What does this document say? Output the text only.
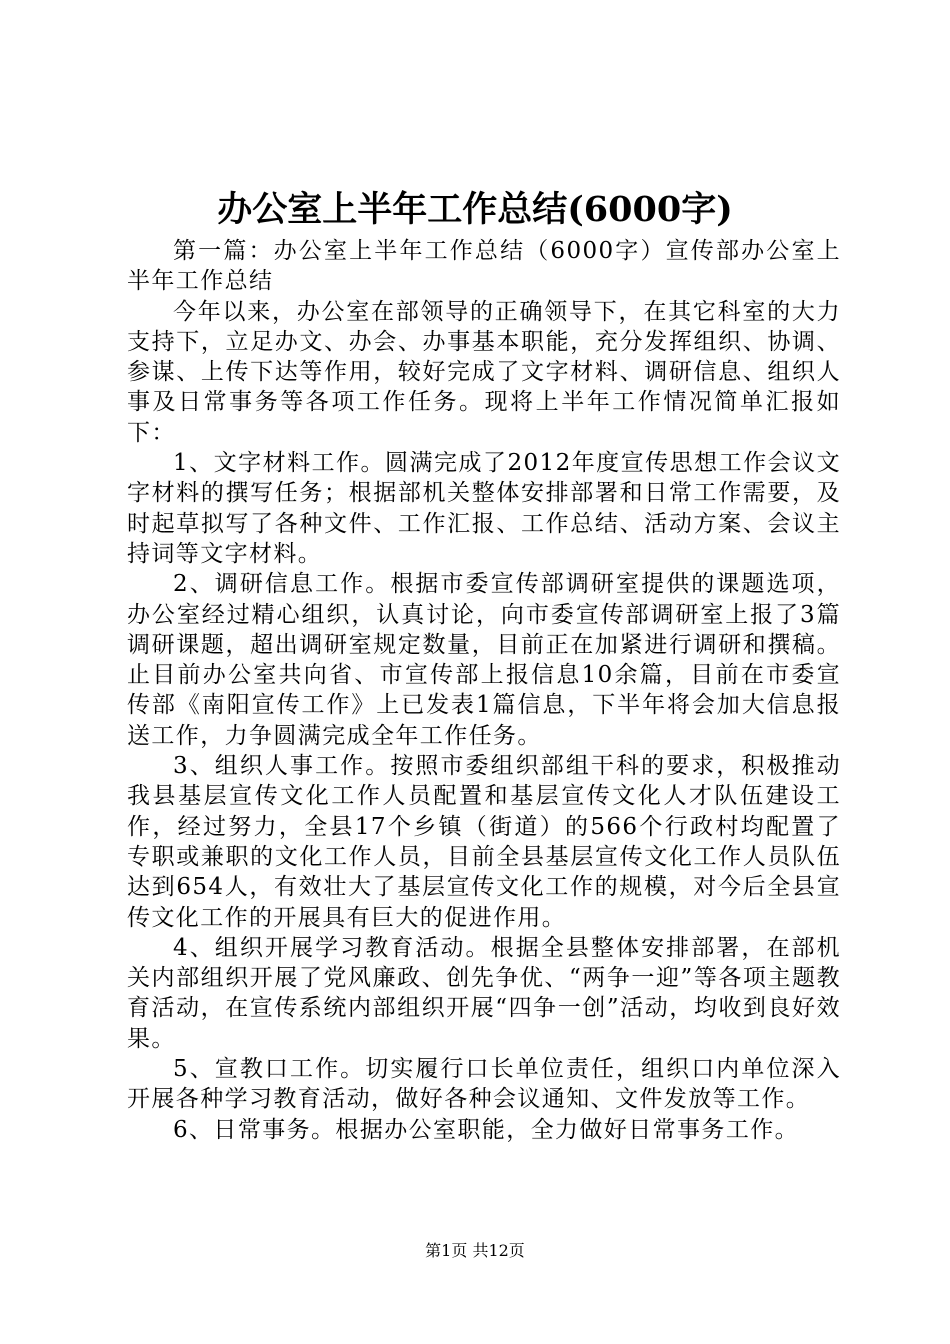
办公室上半年工作总结(6000字)

第一篇：办公室上半年工作总结（6000字）宣传部办公室上半年工作总结

今年以来，办公室在部领导的正确领导下，在其它科室的大力支持下，立足办文、办会、办事基本职能，充分发挥组织、协调、参谋、上传下达等作用，较好完成了文字材料、调研信息、组织人事及日常事务等各项工作任务。现将上半年工作情况简单汇报如下：

1、文字材料工作。圆满完成了2012年度宣传思想工作会议文字材料的撰写任务；根据部机关整体安排部署和日常工作需要，及时起草拟写了各种文件、工作汇报、工作总结、活动方案、会议主持词等文字材料。

2、调研信息工作。根据市委宣传部调研室提供的课题选项，办公室经过精心组织，认真讨论，向市委宣传部调研室上报了3篇调研课题，超出调研室规定数量，目前正在加紧进行调研和撰稿。止目前办公室共向省、市宣传部上报信息10余篇，目前在市委宣传部《南阳宣传工作》上已发表1篇信息，下半年将会加大信息报送工作，力争圆满完成全年工作任务。

3、组织人事工作。按照市委组织部组干科的要求，积极推动我县基层宣传文化工作人员配置和基层宣传文化人才队伍建设工作，经过努力，全县17个乡镇（街道）的566个行政村均配置了专职或兼职的文化工作人员，目前全县基层宣传文化工作人员队伍达到654人，有效壮大了基层宣传文化工作的规模，对今后全县宣传文化工作的开展具有巨大的促进作用。

4、组织开展学习教育活动。根据全县整体安排部署，在部机关内部组织开展了党风廉政、创先争优、“两争一迎”等各项主题教育活动，在宣传系统内部组织开展“四争一创”活动，均收到良好效果。

5、宣教口工作。切实履行口长单位责任，组织口内单位深入开展各种学习教育活动，做好各种会议通知、文件发放等工作。

6、日常事务。根据办公室职能，全力做好日常事务工作。

第1页 共12页
